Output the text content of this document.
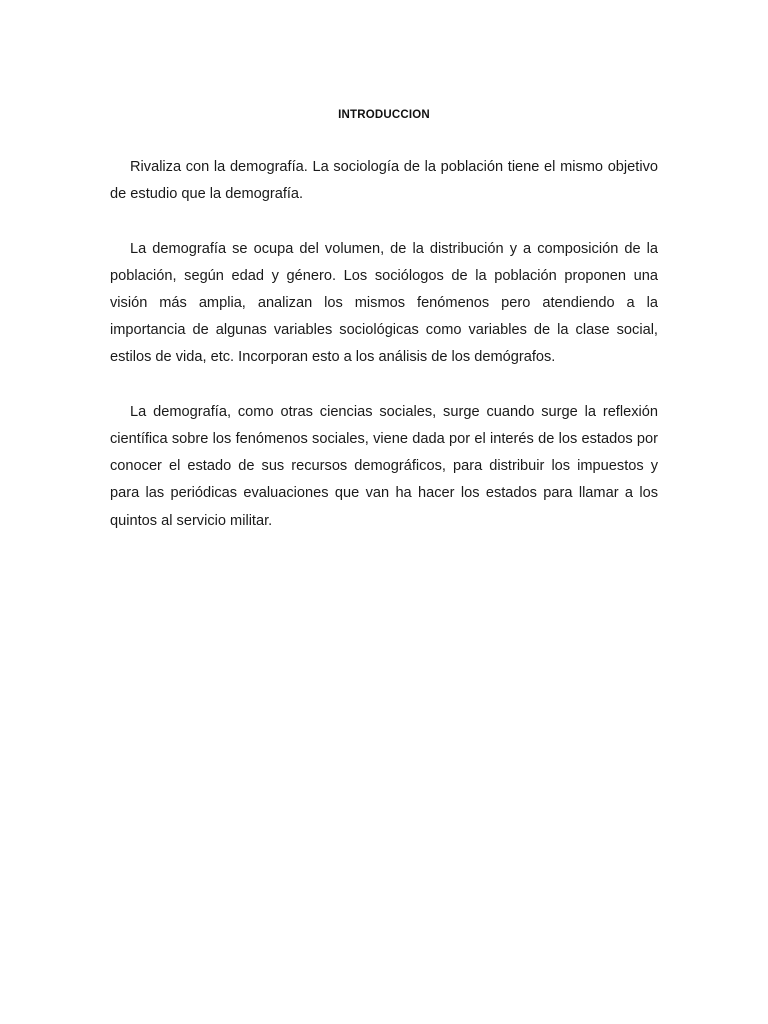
INTRODUCCION

Rivaliza con la demografía. La sociología de la población tiene el mismo objetivo de estudio que la demografía.

La demografía se ocupa del volumen, de la distribución y a composición de la población, según edad y género. Los sociólogos de la población proponen una visión más amplia, analizan los mismos fenómenos pero atendiendo a la importancia de algunas variables sociológicas como variables de la clase social, estilos de vida, etc. Incorporan esto a los análisis de los demógrafos.

La demografía, como otras ciencias sociales, surge cuando surge la reflexión científica sobre los fenómenos sociales, viene dada por el interés de los estados por conocer el estado de sus recursos demográficos, para distribuir los impuestos y para las periódicas evaluaciones que van ha hacer los estados para llamar a los quintos al servicio militar.
